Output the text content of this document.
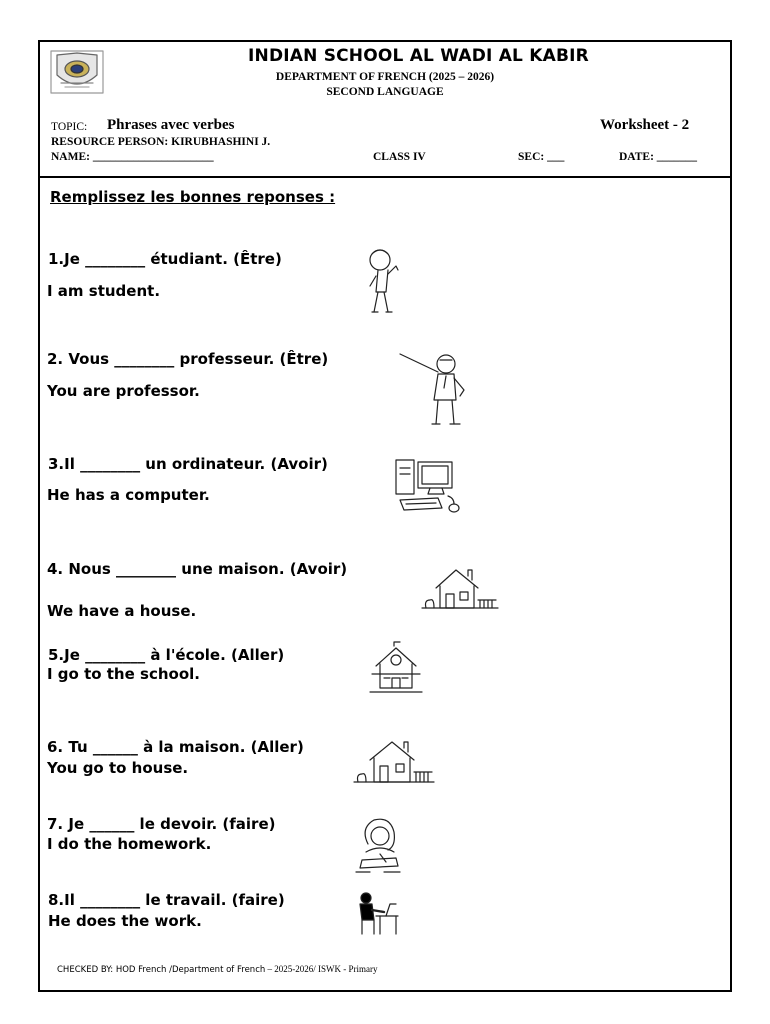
INDIAN SCHOOL AL WADI AL KABIR
DEPARTMENT OF FRENCH (2025 – 2026)
SECOND LANGUAGE
TOPIC: Phrases avec verbes	Worksheet - 2
RESOURCE PERSON: KIRUBHASHINI J.
NAME: _____________________	CLASS IV	SEC: ___	DATE: _______
Remplissez les bonnes reponses :
1.Je ________ étudiant. (Être)
I am student.
2. Vous ________ professeur. (Être)
You are professor.
3.Il ________ un ordinateur. (Avoir)
He has a computer.
4. Nous ________ une maison. (Avoir)
We have a house.
5.Je ________ à l'école. (Aller)
I go to the school.
6. Tu ______ à la maison. (Aller)
You go to house.
7. Je ______ le devoir. (faire)
I do the homework.
8.Il ________ le travail. (faire)
He does the work.
CHECKED BY: HOD French /Department of French – 2025-2026/ ISWK - Primary
